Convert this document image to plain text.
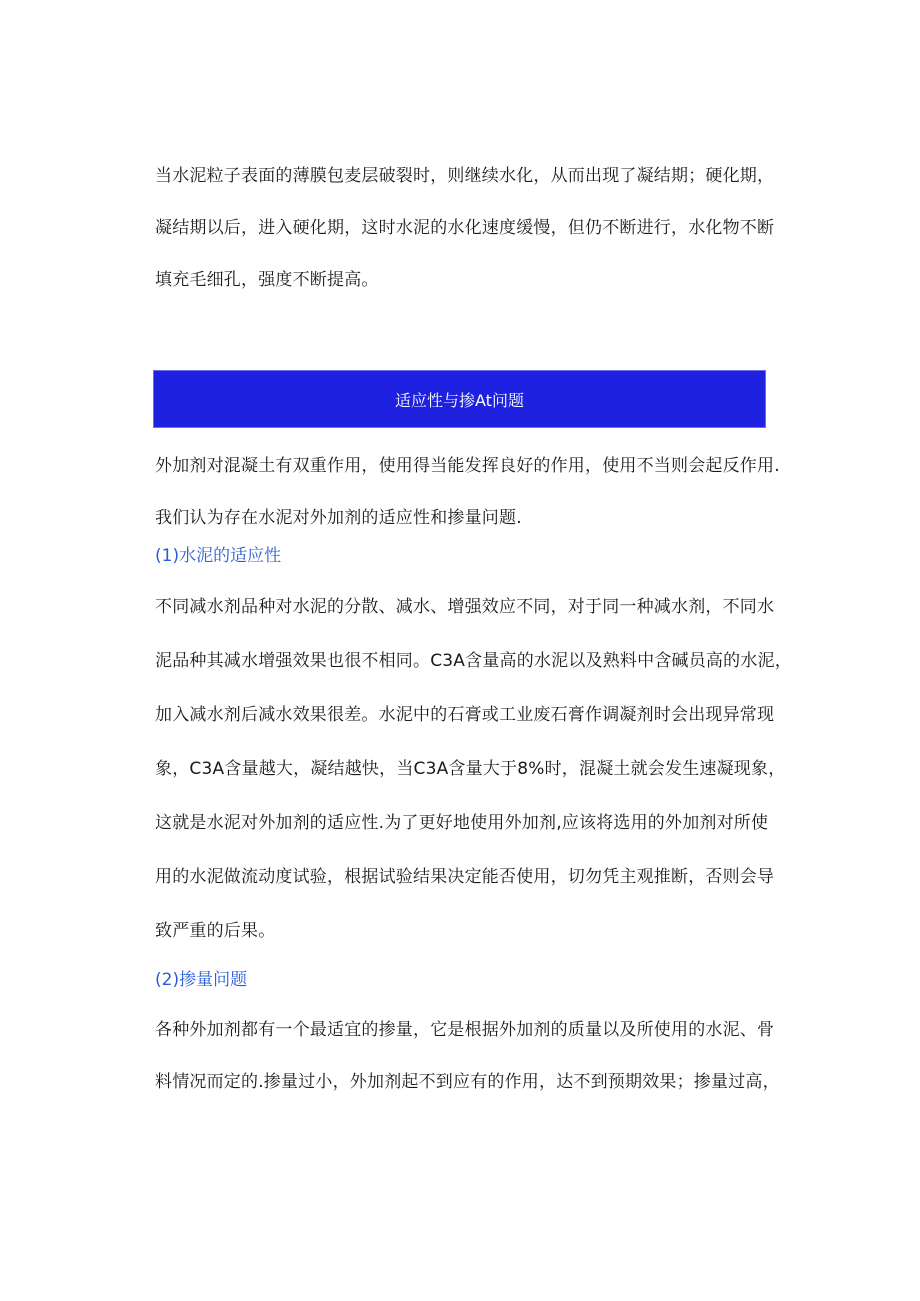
当水泥粒子表面的薄膜包麦层破裂时，则继续水化，从而出现了凝结期；硬化期，
凝结期以后，进入硬化期，这时水泥的水化速度缓慢，但仍不断进行，水化物不断
填充毛细孔，强度不断提高。
适应性与掺At问题
外加剂对混凝土有双重作用，使用得当能发挥良好的作用，使用不当则会起反作用.
我们认为存在水泥对外加剂的适应性和掺量问题.
(1)水泥的适应性
不同减水剂品种对水泥的分散、减水、增强效应不同，对于同一种减水剂，不同水
泥品种其减水增强效果也很不相同。C3A含量高的水泥以及熟料中含碱员高的水泥，
加入减水剂后减水效果很差。水泥中的石膏或工业废石膏作调凝剂时会出现异常现
象，C3A含量越大，凝结越快，当C3A含量大于8%时，混凝土就会发生速凝现象，
这就是水泥对外加剂的适应性.为了更好地使用外加剂,应该将选用的外加剂对所使
用的水泥做流动度试验，根据试验结果决定能否使用，切勿凭主观推断，否则会导
致严重的后果。
(2)掺量问题
各种外加剂都有一个最适宜的掺量，它是根据外加剂的质量以及所使用的水泥、骨
料情况而定的.掺量过小，外加剂起不到应有的作用，达不到预期效果；掺量过高，
